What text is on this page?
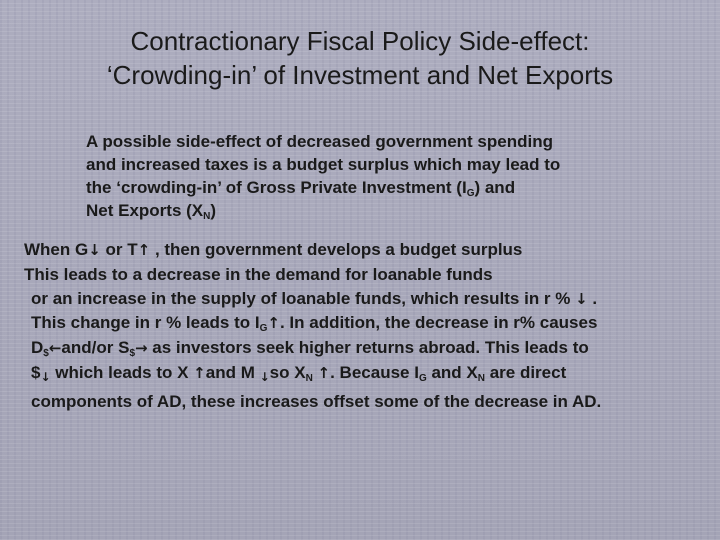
Contractionary Fiscal Policy Side-effect:
‘Crowding-in’ of Investment and Net Exports
A possible side-effect of decreased government spending
and increased taxes is a budget surplus which may lead to
the ‘crowding-in’ of Gross Private Investment $(I_G)$ and
Net Exports $(X_N)$
When G↓ or T↑ , then government develops a budget surplus
This leads to a decrease in the demand for loanable funds
or an increase in the supply of loanable funds, which results in r % ↓ .
This change in r % leads to $I_G↑$. In addition, the decrease in r% causes
$D_{\$}\leftarrow and/or$ $S_{\$}\to$ as investors seek higher returns abroad. This leads to
$↓ which leads to X ↑and M ↓so $X_N$ ↑. Because $I_G$ and $X_N$ are direct
components of AD, these increases offset some of the decrease in AD.
